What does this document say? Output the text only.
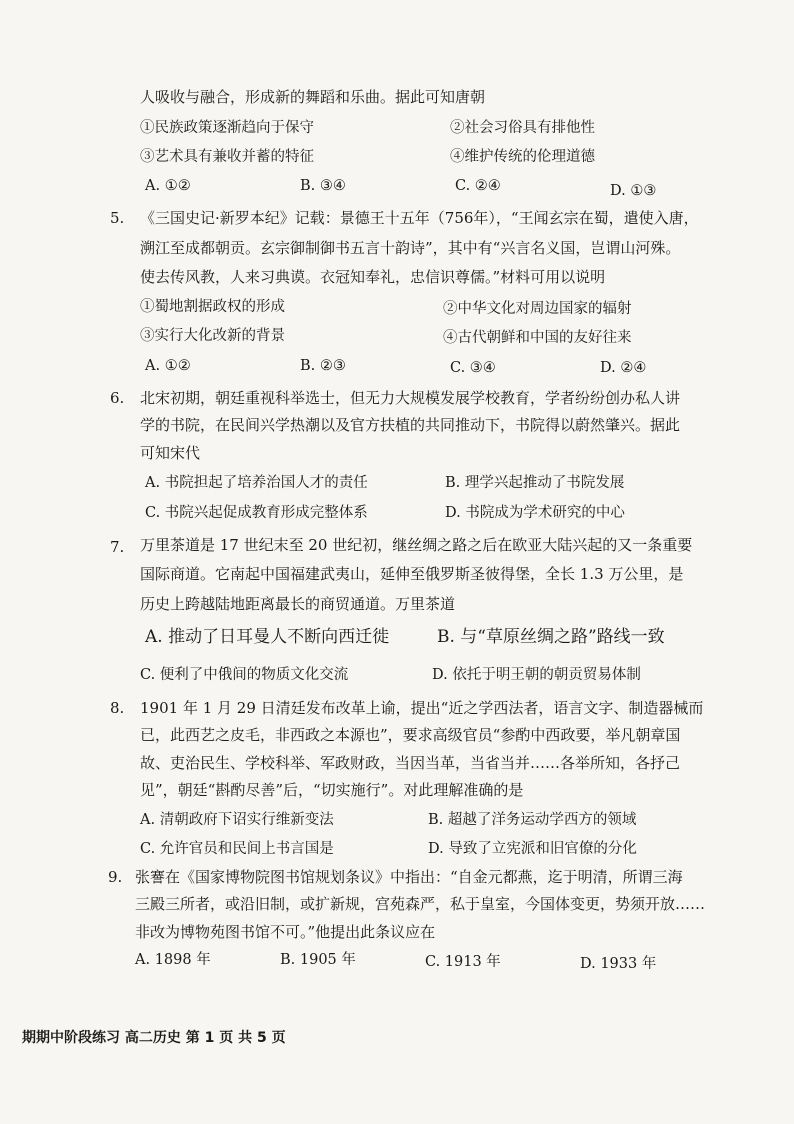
人吸收与融合，形成新的舞蹈和乐曲。据此可知唐朝
①民族政策逐渐趋向于保守	②社会习俗具有排他性
③艺术具有兼收并蓄的特征	④维护传统的伦理道德
A. ①②	B. ③④	C. ②④	D. ①③
5. 《三国史记·新罗本纪》记载：景德王十五年（756年），“王闻玄宗在蜀，遣使入唐，
溯江至成都朝贡。玄宗御制御书五言十韵诗”，其中有“兴言名义国，岂谓山河殊。
使去传风教，人来习典谟。衣冠知奉礼，忠信识尊儒。”材料可用以说明
①蜀地割据政权的形成	②中华文化对周边国家的辐射
③实行大化改新的背景	④古代朝鲜和中国的友好往来
A. ①②	B. ②③	C. ③④	D. ②④
6. 北宋初期，朝廷重视科举选士，但无力大规模发展学校教育，学者纷纷创办私人讲
学的书院，在民间兴学热潮以及官方扶植的共同推动下，书院得以蔚然肇兴。据此
可知宋代
A. 书院担起了培养治国人才的责任	B. 理学兴起推动了书院发展
C. 书院兴起促成教育形成完整体系	D. 书院成为学术研究的中心
7. 万里茶道是 17 世纪末至 20 世纪初，继丝绸之路之后在欧亚大陆兴起的又一条重要
国际商道。它南起中国福建武夷山，延伸至俄罗斯圣彼得堡，全长 1.3 万公里，是
历史上跨越陆地距离最长的商贸通道。万里茶道
A. 推动了日耳曼人不断向西迁徙	B. 与“草原丝绸之路”路线一致
C. 便利了中俄间的物质文化交流	D. 依托于明王朝的朝贡贸易体制
8. 1901 年 1 月 29 日清廷发布改革上谕，提出“近之学西法者，语言文字、制造器械而
已，此西艺之皮毛，非西政之本源也”，要求高级官员“参酌中西政要，举凡朝章国
故、吏治民生、学校科举、军政财政，当因当革，当省当并……各举所知，各抒己
见”，朝廷“斟酌尽善”后，“切实施行”。对此理解准确的是
A. 清朝政府下诏实行维新变法	B. 超越了洋务运动学西方的领域
C. 允许官员和民间上书言国是	D. 导致了立宪派和旧官僚的分化
9. 张謇在《国家博物院图书馆规划条议》中指出：“自金元都燕，迄于明清，所谓三海
三殿三所者，或沿旧制，或扩新规，宫苑森严，私于皇室，今国体变更，势须开放……
非改为博物苑图书馆不可。”他提出此条议应在
A. 1898 年	B. 1905 年	C. 1913 年	D. 1933 年
期期中阶段练习 高二历史 第 1 页 共 5 页
